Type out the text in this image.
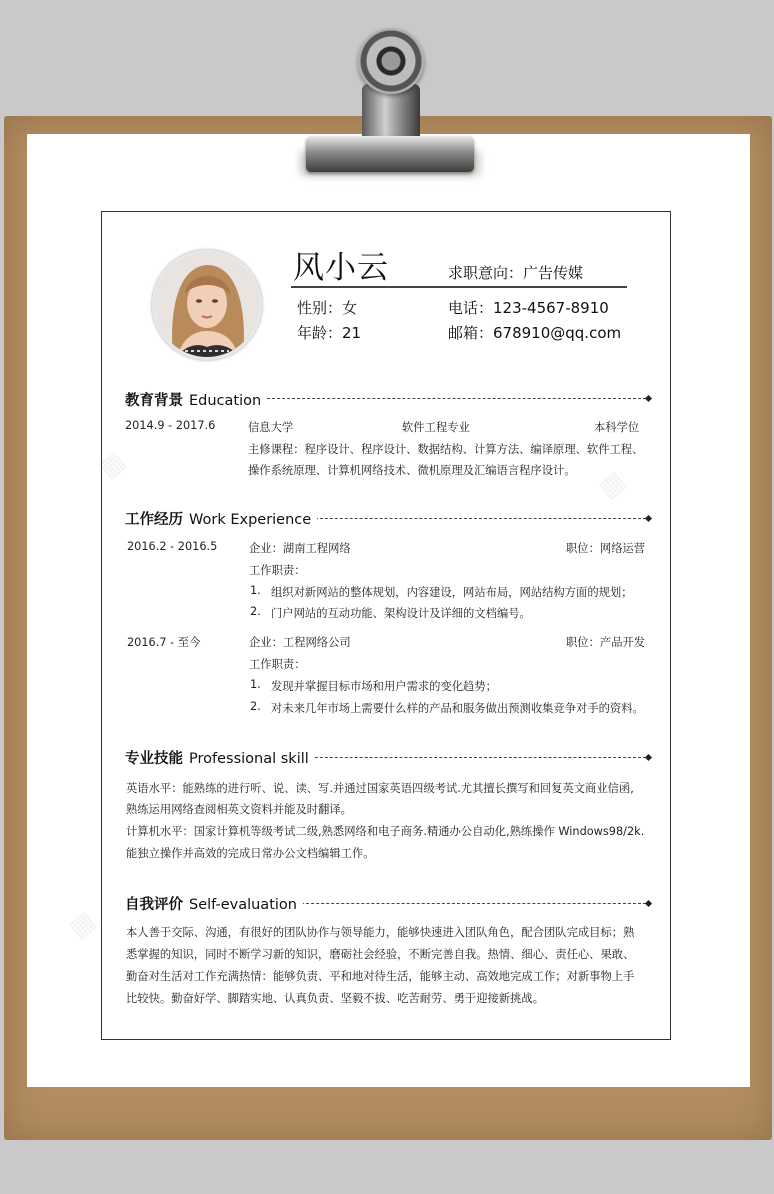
风小云	求职意向：广告传媒
性别：女
年龄：21
电话：123-4567-8910
邮箱：678910@qq.com
教育背景 Education
2014.9 - 2017.6	信息大学	软件工程专业	本科学位
主修课程：程序设计、程序设计、数据结构、计算方法、编译原理、软件工程、
操作系统原理、计算机网络技术、微机原理及汇编语言程序设计。
工作经历 Work Experience
2016.2 - 2016.5	企业：湖南工程网络	职位：网络运营
工作职责：
1. 组织对新网站的整体规划，内容建设，网站布局，网站结构方面的规划；
2. 门户网站的互动功能、架构设计及详细的文档编号。
2016.7 - 至今	企业：工程网络公司	职位：产品开发
工作职责：
1. 发现并掌握目标市场和用户需求的变化趋势；
2. 对未来几年市场上需要什么样的产品和服务做出预测收集竞争对手的资料。
专业技能 Professional skill
英语水平：能熟练的进行听、说、读、写.并通过国家英语四级考试.尤其擅长撰写和回复英文商业信函,
熟练运用网络查阅相英文资料并能及时翻译。
计算机水平：国家计算机等级考试二级,熟悉网络和电子商务.精通办公自动化,熟练操作 Windows98/2k.
能独立操作并高效的完成日常办公文档编辑工作。
自我评价 Self-evaluation
本人善于交际、沟通，有很好的团队协作与领导能力，能够快速进入团队角色，配合团队完成目标；熟
悉掌握的知识，同时不断学习新的知识，磨砺社会经验，不断完善自我。热情、细心、责任心、果敢、
勤奋对生活对工作充满热情：能够负责、平和地对待生活，能够主动、高效地完成工作；对新事物上手
比较快。勤奋好学、脚踏实地、认真负责、坚毅不拔、吃苦耐劳、勇于迎接新挑战。
